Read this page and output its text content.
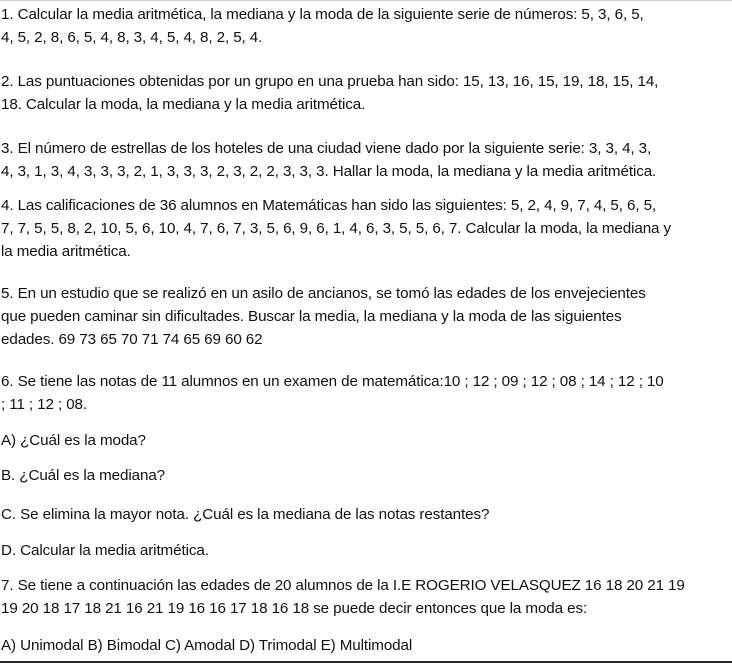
1. Calcular la media aritmética, la mediana y la moda de la siguiente serie de números: 5, 3, 6, 5,
4, 5, 2, 8, 6, 5, 4, 8, 3, 4, 5, 4, 8, 2, 5, 4.
2. Las puntuaciones obtenidas por un grupo en una prueba han sido: 15, 13, 16, 15, 19, 18, 15, 14,
18. Calcular la moda, la mediana y la media aritmética.
3. El número de estrellas de los hoteles de una ciudad viene dado por la siguiente serie: 3, 3, 4, 3,
4, 3, 1, 3, 4, 3, 3, 3, 2, 1, 3, 3, 3, 2, 3, 2, 2, 3, 3, 3. Hallar la moda, la mediana y la media aritmética.
4. Las calificaciones de 36 alumnos en Matemáticas han sido las siguientes: 5, 2, 4, 9, 7, 4, 5, 6, 5,
7, 7, 5, 5, 8, 2, 10, 5, 6, 10, 4, 7, 6, 7, 3, 5, 6, 9, 6, 1, 4, 6, 3, 5, 5, 6, 7. Calcular la moda, la mediana y
la media aritmética.
5. En un estudio que se realizó en un asilo de ancianos, se tomó las edades de los envejecientes
que pueden caminar sin dificultades. Buscar la media, la mediana y la moda de las siguientes
edades. 69 73 65 70 71 74 65 69 60 62
6. Se tiene las notas de 11 alumnos en un examen de matemática:10 ; 12 ; 09 ; 12 ; 08 ; 14 ; 12 ; 10
; 11 ; 12 ; 08.
A) ¿Cuál es la moda?
B. ¿Cuál es la mediana?
C. Se elimina la mayor nota. ¿Cuál es la mediana de las notas restantes?
D. Calcular la media aritmética.
7. Se tiene a continuación las edades de 20 alumnos de la I.E ROGERIO VELASQUEZ 16 18 20 21 19
19 20 18 17 18 21 16 21 19 16 16 17 18 16 18 se puede decir entonces que la moda es:
A) Unimodal B) Bimodal C) Amodal D) Trimodal E) Multimodal
